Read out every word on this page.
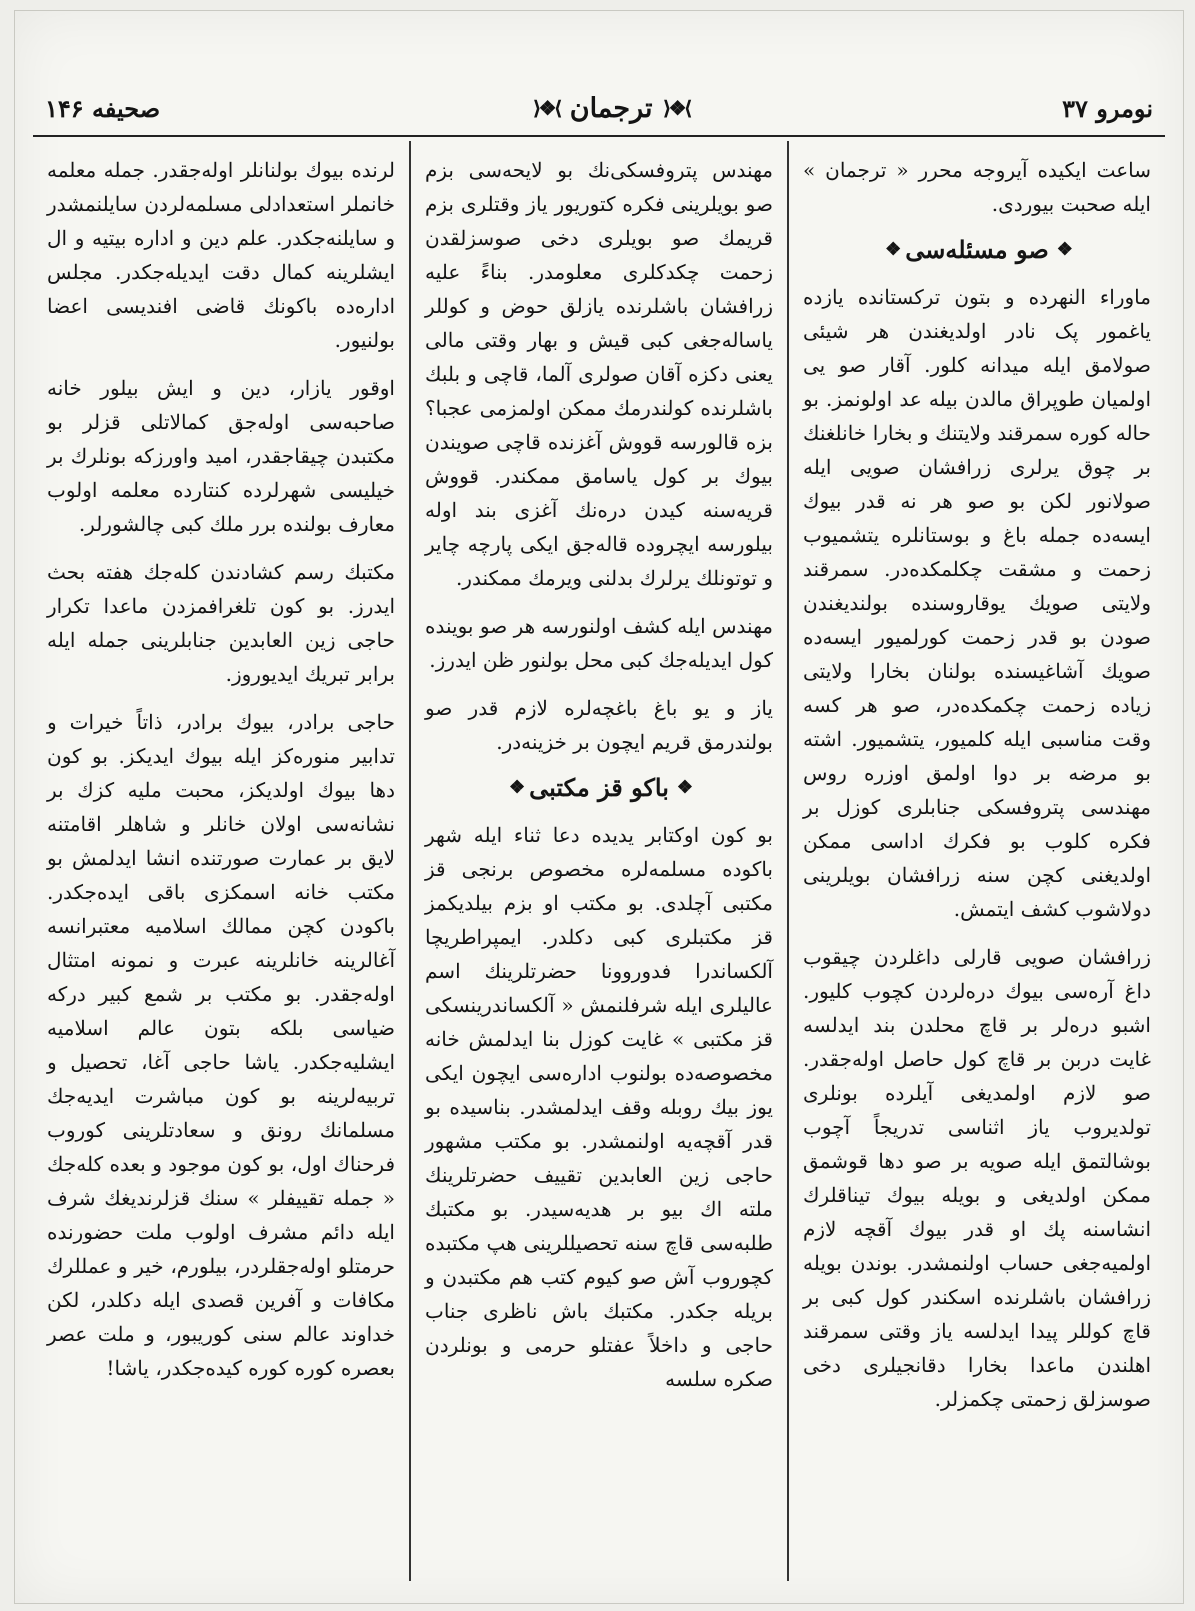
نومرو ۳۷
⟩❖⟨
ترجمان
⟩❖⟨
صحیفه ۱۴۶

ساعت ایکیده آیروجه محرر « ترجمان » ایله صحبت بیوردی.

❖
صو مسئله‌سی
❖

ماوراء النهرده و بتون ترکستانده یازده یاغمور پک نادر اولدیغندن هر شیئی صولامق ایله میدانه کلور. آقار صو یی اولمیان طوپراق مالدن بیله عد اولونمز. بو حاله کوره سمرقند ولایتنك و بخارا خانلغنك بر چوق یرلری زرافشان صویی ایله صولانور لکن بو صو هر نه قدر بیوك ایسه‌ده جمله باغ و بوستانلره یتشمیوب زحمت و مشقت چکلمکده‌در. سمرقند ولایتی صویك یوقاروسنده بولندیغندن صودن بو قدر زحمت کورلمیور ایسه‌ده صویك آشاغیسنده بولنان بخارا ولایتی زیاده زحمت چکمکده‌در، صو هر کسه وقت مناسبی ایله کلمیور، یتشمیور. اشته بو مرضه بر دوا اولمق اوزره روس مهندسی پتروفسکی جنابلری کوزل بر فکره کلوب بو فکرك اداسی ممکن اولدیغنی کچن سنه زرافشان بویلرینی دولاشوب کشف ایتمش.

زرافشان صویی قارلی داغلردن چیقوب داغ آره‌سی بیوك دره‌لردن کچوب کلیور. اشبو دره‌لر بر قاچ محلدن بند ایدلسه غایت دربن بر قاچ کول حاصل اوله‌جقدر. صو لازم اولمدیغی آیلرده بونلری تولدیروب یاز اثناسی تدریجاً آچوب بوشالتمق ایله صویه بر صو دها قوشمق ممکن اولدیغی و بویله بیوك تیناقلرك انشاسنه پك او قدر بیوك آقچه لازم اولمیه‌جغی حساب اولنمشدر. بوندن بویله زرافشان باشلرنده اسکندر کول کبی بر قاچ کوللر پیدا ایدلسه یاز وقتی سمرقند اهلندن ماعدا بخارا دقانجیلری دخی صوسزلق زحمتی چکمزلر.

مهندس پتروفسکی‌نك بو لایحه‌سی بزم صو بویلرینی فکره کتوریور یاز وقتلری بزم قریمك صو بویلری دخی صوسزلقدن زحمت چکدکلری معلومدر. بناءً علیه زرافشان باشلرنده یازلق حوض و کوللر یاساله‌جغی کبی قیش و بهار وقتی مالی یعنی دکزه آقان صولری آلما، قاچی و بلبك باشلرنده کولندرمك ممکن اولمزمی عجبا؟ بزه قالورسه قووش آغزنده قاچی صویندن بیوك بر کول یاسامق ممکندر. قووش قریه‌سنه کیدن دره‌نك آغزی بند اوله بیلورسه ایچروده قاله‌جق ایکی پارچه چایر و توتونلك یرلرك بدلنی ویرمك ممکندر.

مهندس ایله کشف اولنورسه هر صو بویندە کول ایدیله‌جك کبی محل بولنور ظن ایدرز.

یاز و یو باغ باغچه‌لره لازم قدر صو بولندرمق قریم ایچون بر خزینه‌در.

❖
باکو قز مکتبی
❖

بو کون اوکتابر یدیده دعا ثناء ایله شهر باکوده مسلمه‌لره مخصوص برنجی قز مکتبی آچلدی. بو مکتب او بزم بیلدیکمز قز مکتبلری کبی دکلدر. ایمپراطریچا آلکساندرا فدوروونا حضرتلرینك اسم عالیلری ایله شرفلنمش « آلکساندرینسکی قز مکتبی » غایت کوزل بنا ایدلمش خانه مخصوصه‌ده بولنوب اداره‌سی ایچون ایکی یوز بیك روبله وقف ایدلمشدر. بناسیده بو قدر آقچه‌یه اولنمشدر. بو مکتب مشهور حاجی زین العابدین تقییف حضرتلرینك ملته اك بیو بر هدیه‌سیدر. بو مکتبك طلبه‌سی قاچ سنه تحصیللرینی هپ مکتبده کچوروب آش صو کیوم کتب هم مکتبدن و بریله جکدر. مکتبك باش ناظری جناب حاجی و داخلاً عفتلو حرمی و بونلردن صکره سلسه

لرنده بیوك بولنانلر اوله‌جقدر. جمله معلمه خانملر استعدادلی مسلمه‌لردن سایلنمشدر و سایلنه‌جکدر. علم دین و اداره بیتیه و ال ایشلرینه کمال دقت ایدیله‌جکدر. مجلس اداره‌ده باکونك قاضی افندیسی اعضا بولنیور.

اوقور یازار، دین و ایش بیلور خانه صاحبه‌سی اوله‌جق کمالاتلی قزلر بو مکتبدن چیقاجقدر، امید واورزکه بونلرك بر خیلیسی شهرلرده کنتارده معلمه اولوب معارف بولنده برر ملك کبی چالشورلر.

مکتبك رسم کشادندن کله‌جك هفته بحث ایدرز. بو کون تلغرافمزدن ماعدا تکرار حاجی زین العابدین جنابلرینی جمله ایله برابر تبریك ایدیوروز.

حاجی برادر، بیوك برادر، ذاتاً خیرات و تدابیر منوره‌کز ایله بیوك ایدیکز. بو کون دها بیوك اولدیکز، محبت ملیه کزك بر نشانه‌سی اولان خانلر و شاهلر اقامتنه لایق بر عمارت صورتنده انشا ایدلمش بو مکتب خانه اسمکزی باقی ایده‌جکدر. باکودن کچن ممالك اسلامیه معتبرانسه آغالرینه خانلرینه عبرت و نمونه امتثال اوله‌جقدر. بو مکتب بر شمع کبیر درکه ضیاسی بلکه بتون عالم اسلامیه ایشلیه‌جکدر. یاشا حاجی آغا، تحصیل و تربیه‌لرینه بو کون مباشرت ایدیه‌جك مسلمانك رونق و سعادتلرینی کوروب فرحناك اول، بو کون موجود و بعده کله‌جك « جمله تقییفلر » سنك قزلرندیغك شرف ایله دائم مشرف اولوب ملت حضورنده حرمتلو اوله‌جقلردر، بیلورم، خیر و عمللرك مکافات و آفرین قصدی ایله دکلدر، لکن خداوند عالم سنی کوریبور، و ملت عصر بعصره کوره کوره کیده‌جکدر، یاشا!
